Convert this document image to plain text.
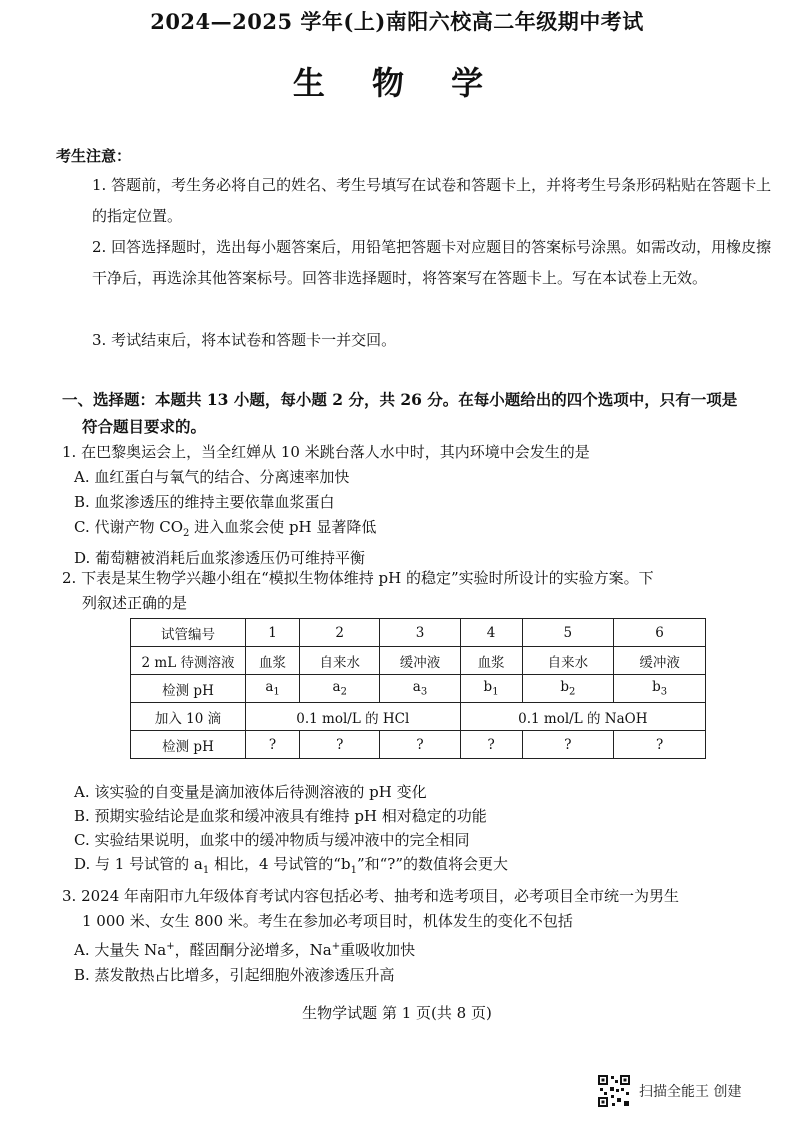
2024—2025 学年(上)南阳六校高二年级期中考试
生 物 学
考生注意：

1. 答题前，考生务必将自己的姓名、考生号填写在试卷和答题卡上，并将考生号条形码粘贴在答题卡上的指定位置。

2. 回答选择题时，选出每小题答案后，用铅笔把答题卡对应题目的答案标号涂黑。如需改动，用橡皮擦干净后，再选涂其他答案标号。回答非选择题时，将答案写在答题卡上。写在本试卷上无效。

3. 考试结束后，将本试卷和答题卡一并交回。

一、选择题：本题共 13 小题，每小题 2 分，共 26 分。在每小题给出的四个选项中，只有一项是
符合题目要求的。

1. 在巴黎奥运会上，当全红婵从 10 米跳台落人水中时，其内环境中会发生的是

A. 血红蛋白与氧气的结合、分离速率加快

B. 血浆渗透压的维持主要依靠血浆蛋白

C. 代谢产物 $CO_2$ 进入血浆会使 pH 显著降低

D. 葡萄糖被消耗后血浆渗透压仍可维持平衡

2. 下表是某生物学兴趣小组在“模拟生物体维持 pH 的稳定”实验时所设计的实验方案。下

列叙述正确的是

试管编号	1	2	3	4	5	6
2 mL 待测溶液	血浆	自来水	缓冲液	血浆	自来水	缓冲液
检测 pH	$a_1$	$a_2$	$a_3$	$b_1$	$b_2$	$b_3$
加入 10 滴	0.1 mol/L 的 HCl			0.1 mol/L 的 NaOH		
检测 pH	?	?	?	?	?	?

A. 该实验的自变量是滴加液体后待测溶液的 pH 变化

B. 预期实验结论是血浆和缓冲液具有维持 pH 相对稳定的功能

C. 实验结果说明，血浆中的缓冲物质与缓冲液中的完全相同

D. 与 1 号试管的 $a_1$ 相比，4 号试管的“$b_1$”和“?”的数值将会更大

3. 2024 年南阳市九年级体育考试内容包括必考、抽考和选考项目，必考项目全市统一为男生

1 000 米、女生 800 米。考生在参加必考项目时，机体发生的变化不包括

A. 大量失 Na+，醛固酮分泌增多，Na+重吸收加快

B. 蒸发散热占比增多，引起细胞外液渗透压升高

生物学试题 第 1 页(共 8 页)
扫描全能王 创建
